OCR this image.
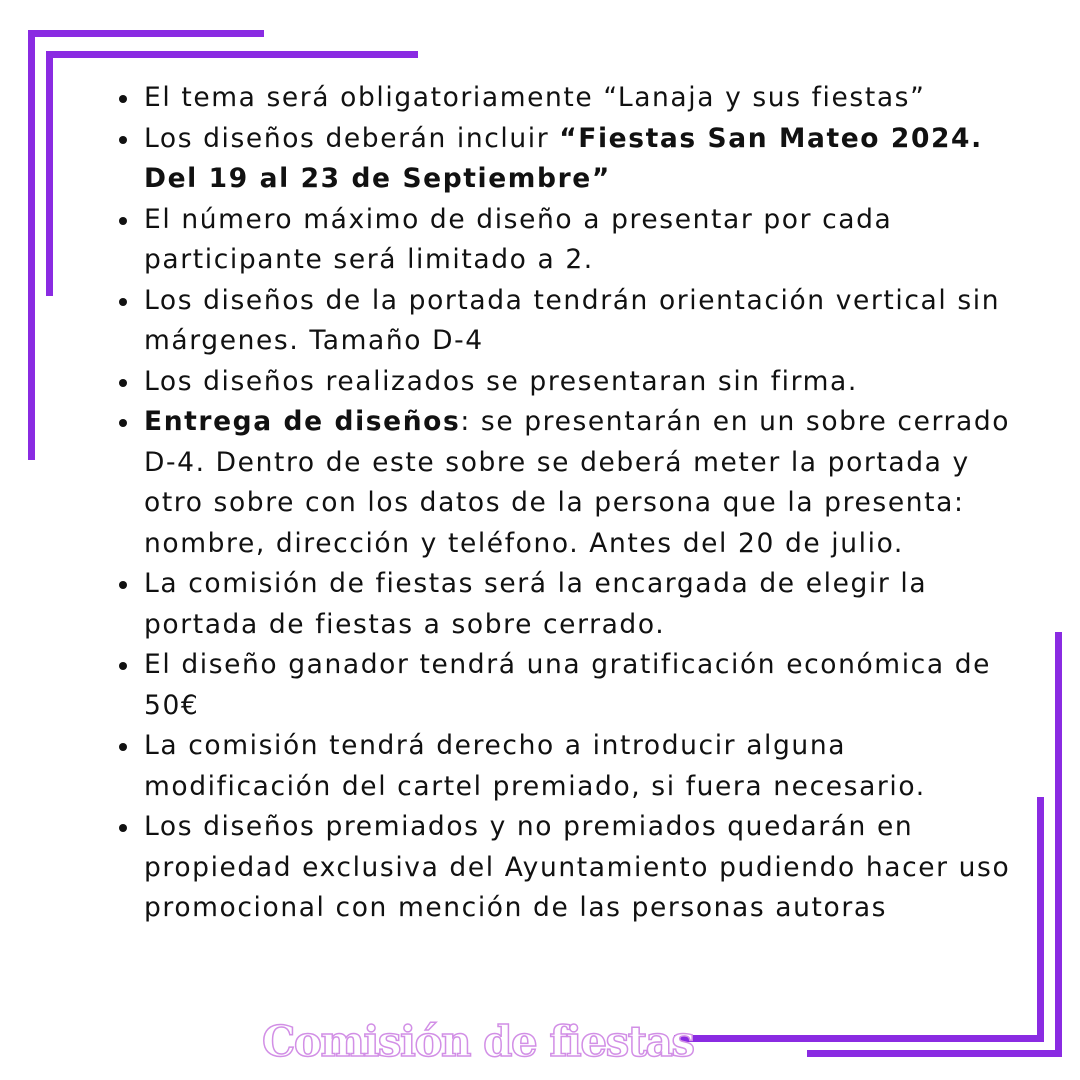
El tema será obligatoriamente “Lanaja y sus fiestas”
Los diseños deberán incluir “Fiestas San Mateo 2024. Del 19 al 23 de Septiembre”
El número máximo de diseño a presentar por cada participante será limitado a 2.
Los diseños de la portada tendrán orientación vertical sin márgenes. Tamaño D-4
Los diseños realizados se presentaran sin firma.
Entrega de diseños: se presentarán en un sobre cerrado D-4. Dentro de este sobre se deberá meter la portada y otro sobre con los datos de la persona que la presenta: nombre, dirección y teléfono. Antes del 20 de julio.
La comisión de fiestas será la encargada de elegir la portada de fiestas a sobre cerrado.
El diseño ganador tendrá una gratificación económica de 50€
La comisión tendrá derecho a introducir alguna modificación del cartel premiado, si fuera necesario.
Los diseños premiados y no premiados quedarán en propiedad exclusiva del Ayuntamiento pudiendo hacer uso promocional con mención de las personas autoras
Comisión de fiestas
